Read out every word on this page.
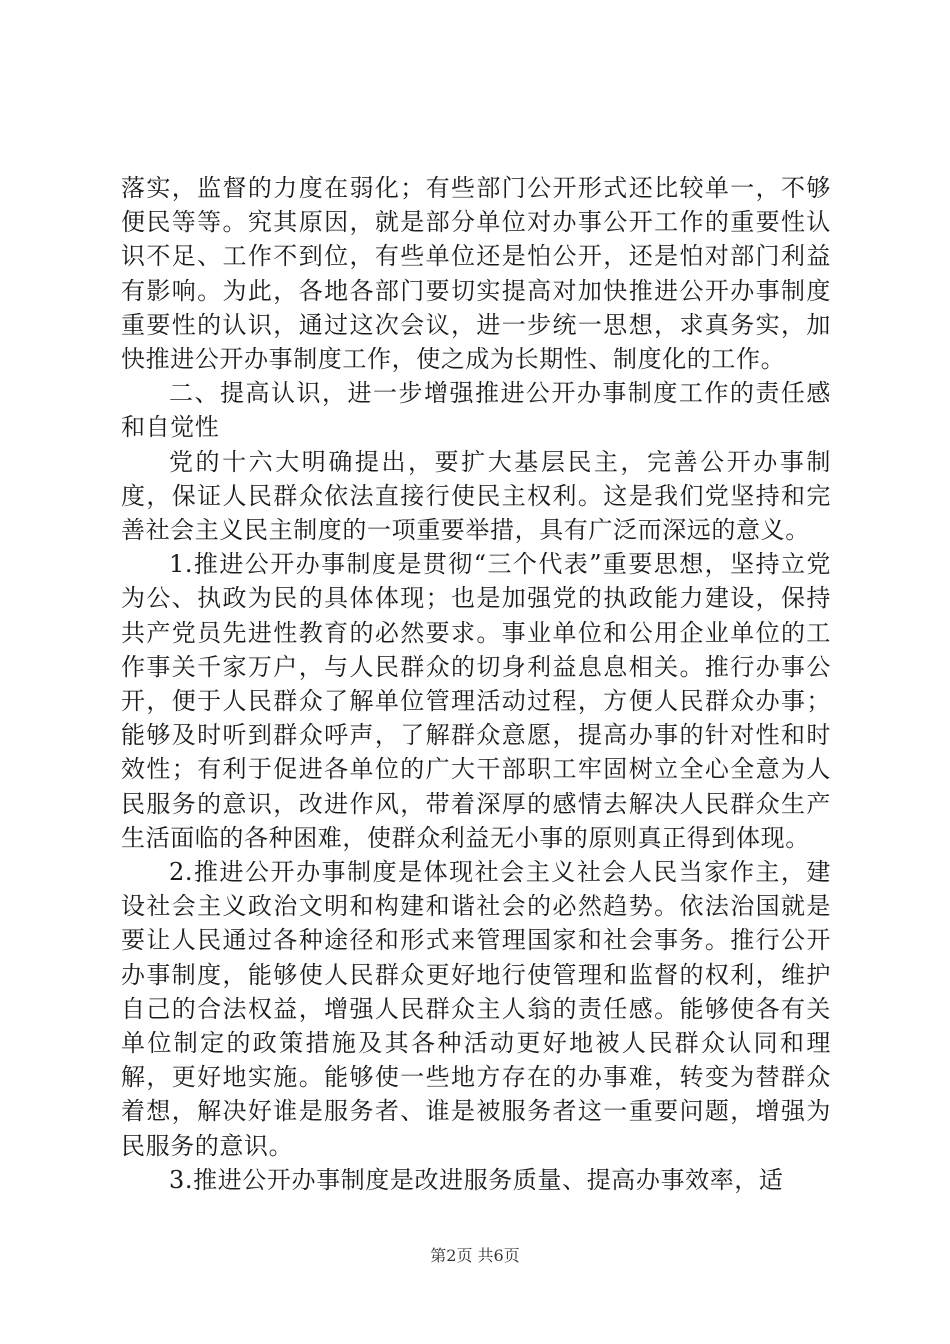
落实，监督的力度在弱化；有些部门公开形式还比较单一，不够便民等等。究其原因，就是部分单位对办事公开工作的重要性认识不足、工作不到位，有些单位还是怕公开，还是怕对部门利益有影响。为此，各地各部门要切实提高对加快推进公开办事制度重要性的认识，通过这次会议，进一步统一思想，求真务实，加快推进公开办事制度工作，使之成为长期性、制度化的工作。

二、提高认识，进一步增强推进公开办事制度工作的责任感和自觉性

党的十六大明确提出，要扩大基层民主，完善公开办事制度，保证人民群众依法直接行使民主权利。这是我们党坚持和完善社会主义民主制度的一项重要举措，具有广泛而深远的意义。

1.推进公开办事制度是贯彻“三个代表”重要思想，坚持立党为公、执政为民的具体体现；也是加强党的执政能力建设，保持共产党员先进性教育的必然要求。事业单位和公用企业单位的工作事关千家万户，与人民群众的切身利益息息相关。推行办事公开，便于人民群众了解单位管理活动过程，方便人民群众办事；能够及时听到群众呼声，了解群众意愿，提高办事的针对性和时效性；有利于促进各单位的广大干部职工牢固树立全心全意为人民服务的意识，改进作风，带着深厚的感情去解决人民群众生产生活面临的各种困难，使群众利益无小事的原则真正得到体现。

2.推进公开办事制度是体现社会主义社会人民当家作主，建设社会主义政治文明和构建和谐社会的必然趋势。依法治国就是要让人民通过各种途径和形式来管理国家和社会事务。推行公开办事制度，能够使人民群众更好地行使管理和监督的权利，维护自己的合法权益，增强人民群众主人翁的责任感。能够使各有关单位制定的政策措施及其各种活动更好地被人民群众认同和理解，更好地实施。能够使一些地方存在的办事难，转变为替群众着想，解决好谁是服务者、谁是被服务者这一重要问题，增强为民服务的意识。

3.推进公开办事制度是改进服务质量、提高办事效率，适

第2页 共6页
